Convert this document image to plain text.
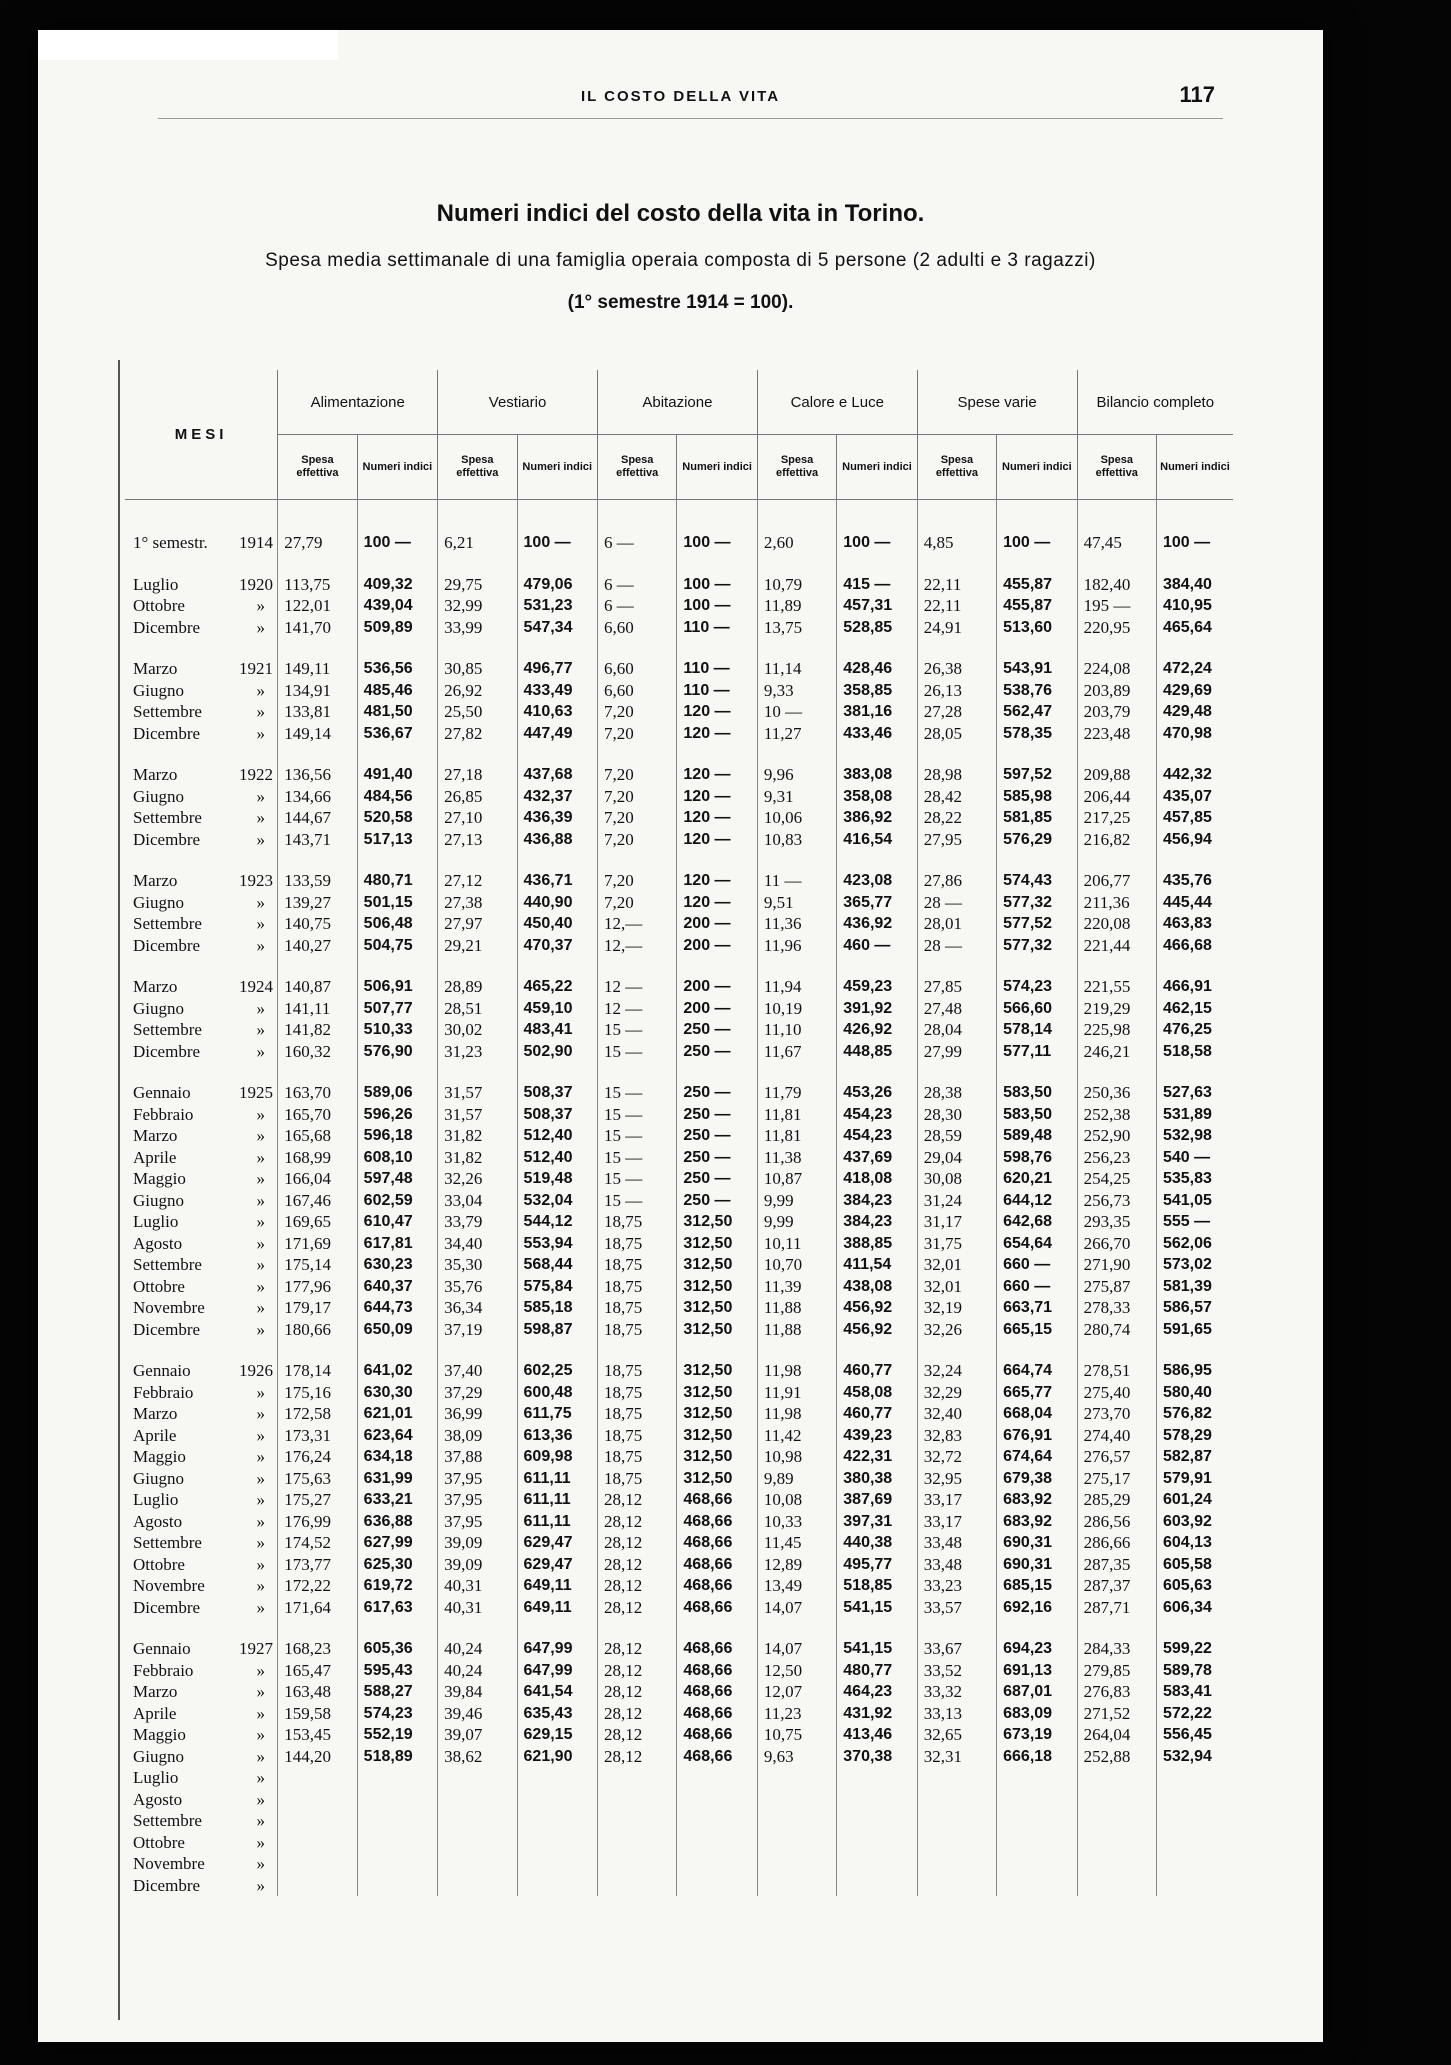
IL COSTO DELLA VITA	117
Numeri indici del costo della vita in Torino.
Spesa media settimanale di una famiglia operaia composta di 5 persone (2 adulti e 3 ragazzi)
(1° semestre 1914 = 100).
MESI	Alimentazione		Vestiario		Abitazione		Calore e Luce		Spese varie		Bilancio completo	
	Spesa effettiva	Numeri indici	Spesa effettiva	Numeri indici	Spesa effettiva	Numeri indici	Spesa effettiva	Numeri indici	Spesa effettiva	Numeri indici	Spesa effettiva	Numeri indici

1° semestr. 1914	27,79	100 —	6,21	100 —	6 —	100 —	2,60	100 —	4,85	100 —	47,45	100 —

Luglio 1920	113,75	409,32	29,75	479,06	6 —	100 —	10,79	415 —	22,11	455,87	182,40	384,40
Ottobre »	122,01	439,04	32,99	531,23	6 —	100 —	11,89	457,31	22,11	455,87	195 —	410,95
Dicembre »	141,70	509,89	33,99	547,34	6,60	110 —	13,75	528,85	24,91	513,60	220,95	465,64

Marzo 1921	149,11	536,56	30,85	496,77	6,60	110 —	11,14	428,46	26,38	543,91	224,08	472,24
Giugno »	134,91	485,46	26,92	433,49	6,60	110 —	9,33	358,85	26,13	538,76	203,89	429,69
Settembre »	133,81	481,50	25,50	410,63	7,20	120 —	10 —	381,16	27,28	562,47	203,79	429,48
Dicembre »	149,14	536,67	27,82	447,49	7,20	120 —	11,27	433,46	28,05	578,35	223,48	470,98

Marzo 1922	136,56	491,40	27,18	437,68	7,20	120 —	9,96	383,08	28,98	597,52	209,88	442,32
Giugno »	134,66	484,56	26,85	432,37	7,20	120 —	9,31	358,08	28,42	585,98	206,44	435,07
Settembre »	144,67	520,58	27,10	436,39	7,20	120 —	10,06	386,92	28,22	581,85	217,25	457,85
Dicembre »	143,71	517,13	27,13	436,88	7,20	120 —	10,83	416,54	27,95	576,29	216,82	456,94

Marzo 1923	133,59	480,71	27,12	436,71	7,20	120 —	11 —	423,08	27,86	574,43	206,77	435,76
Giugno »	139,27	501,15	27,38	440,90	7,20	120 —	9,51	365,77	28 —	577,32	211,36	445,44
Settembre »	140,75	506,48	27,97	450,40	12,—	200 —	11,36	436,92	28,01	577,52	220,08	463,83
Dicembre »	140,27	504,75	29,21	470,37	12,—	200 —	11,96	460 —	28 —	577,32	221,44	466,68

Marzo 1924	140,87	506,91	28,89	465,22	12 —	200 —	11,94	459,23	27,85	574,23	221,55	466,91
Giugno »	141,11	507,77	28,51	459,10	12 —	200 —	10,19	391,92	27,48	566,60	219,29	462,15
Settembre »	141,82	510,33	30,02	483,41	15 —	250 —	11,10	426,92	28,04	578,14	225,98	476,25
Dicembre »	160,32	576,90	31,23	502,90	15 —	250 —	11,67	448,85	27,99	577,11	246,21	518,58

Gennaio 1925	163,70	589,06	31,57	508,37	15 —	250 —	11,79	453,26	28,38	583,50	250,36	527,63
Febbraio »	165,70	596,26	31,57	508,37	15 —	250 —	11,81	454,23	28,30	583,50	252,38	531,89
Marzo »	165,68	596,18	31,82	512,40	15 —	250 —	11,81	454,23	28,59	589,48	252,90	532,98
Aprile »	168,99	608,10	31,82	512,40	15 —	250 —	11,38	437,69	29,04	598,76	256,23	540 —
Maggio »	166,04	597,48	32,26	519,48	15 —	250 —	10,87	418,08	30,08	620,21	254,25	535,83
Giugno »	167,46	602,59	33,04	532,04	15 —	250 —	9,99	384,23	31,24	644,12	256,73	541,05
Luglio »	169,65	610,47	33,79	544,12	18,75	312,50	9,99	384,23	31,17	642,68	293,35	555 —
Agosto »	171,69	617,81	34,40	553,94	18,75	312,50	10,11	388,85	31,75	654,64	266,70	562,06
Settembre »	175,14	630,23	35,30	568,44	18,75	312,50	10,70	411,54	32,01	660 —	271,90	573,02
Ottobre »	177,96	640,37	35,76	575,84	18,75	312,50	11,39	438,08	32,01	660 —	275,87	581,39
Novembre »	179,17	644,73	36,34	585,18	18,75	312,50	11,88	456,92	32,19	663,71	278,33	586,57
Dicembre »	180,66	650,09	37,19	598,87	18,75	312,50	11,88	456,92	32,26	665,15	280,74	591,65

Gennaio 1926	178,14	641,02	37,40	602,25	18,75	312,50	11,98	460,77	32,24	664,74	278,51	586,95
Febbraio »	175,16	630,30	37,29	600,48	18,75	312,50	11,91	458,08	32,29	665,77	275,40	580,40
Marzo »	172,58	621,01	36,99	611,75	18,75	312,50	11,98	460,77	32,40	668,04	273,70	576,82
Aprile »	173,31	623,64	38,09	613,36	18,75	312,50	11,42	439,23	32,83	676,91	274,40	578,29
Maggio »	176,24	634,18	37,88	609,98	18,75	312,50	10,98	422,31	32,72	674,64	276,57	582,87
Giugno »	175,63	631,99	37,95	611,11	18,75	312,50	9,89	380,38	32,95	679,38	275,17	579,91
Luglio »	175,27	633,21	37,95	611,11	28,12	468,66	10,08	387,69	33,17	683,92	285,29	601,24
Agosto »	176,99	636,88	37,95	611,11	28,12	468,66	10,33	397,31	33,17	683,92	286,56	603,92
Settembre »	174,52	627,99	39,09	629,47	28,12	468,66	11,45	440,38	33,48	690,31	286,66	604,13
Ottobre »	173,77	625,30	39,09	629,47	28,12	468,66	12,89	495,77	33,48	690,31	287,35	605,58
Novembre »	172,22	619,72	40,31	649,11	28,12	468,66	13,49	518,85	33,23	685,15	287,37	605,63
Dicembre »	171,64	617,63	40,31	649,11	28,12	468,66	14,07	541,15	33,57	692,16	287,71	606,34

Gennaio 1927	168,23	605,36	40,24	647,99	28,12	468,66	14,07	541,15	33,67	694,23	284,33	599,22
Febbraio »	165,47	595,43	40,24	647,99	28,12	468,66	12,50	480,77	33,52	691,13	279,85	589,78
Marzo »	163,48	588,27	39,84	641,54	28,12	468,66	12,07	464,23	33,32	687,01	276,83	583,41
Aprile »	159,58	574,23	39,46	635,43	28,12	468,66	11,23	431,92	33,13	683,09	271,52	572,22
Maggio »	153,45	552,19	39,07	629,15	28,12	468,66	10,75	413,46	32,65	673,19	264,04	556,45
Giugno »	144,20	518,89	38,62	621,90	28,12	468,66	9,63	370,38	32,31	666,18	252,88	532,94
Luglio »												
Agosto »												
Settembre »												
Ottobre »												
Novembre »												
Dicembre »												
